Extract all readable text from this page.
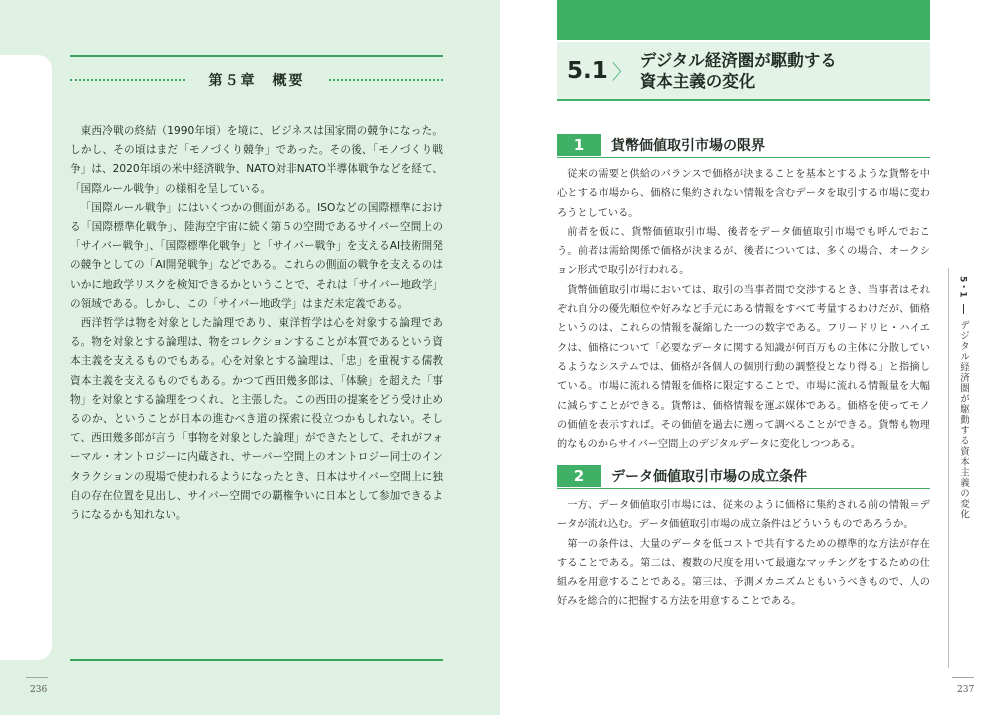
第５章　概要

東西冷戦の終結（1990年頃）を境に、ビジネスは国家間の競争になった。しかし、その頃はまだ「モノづくり競争」であった。その後、「モノづくり戦争」は、2020年頃の米中経済戦争、NATO対非NATO半導体戦争などを経て、「国際ルール戦争」の様相を呈している。

「国際ルール戦争」にはいくつかの側面がある。ISOなどの国際標準における「国際標準化戦争」、陸海空宇宙に続く第５の空間であるサイバー空間上の「サイバー戦争」、「国際標準化戦争」と「サイバー戦争」を支えるAI技術開発の競争としての「AI開発戦争」などである。これらの側面の戦争を支えるのはいかに地政学リスクを検知できるかということで、それは「サイバー地政学」の領域である。しかし、この「サイバー地政学」はまだ未定義である。

西洋哲学は物を対象とした論理であり、東洋哲学は心を対象する論理である。物を対象とする論理は、物をコレクションすることが本質であるという資本主義を支えるものでもある。心を対象とする論理は、「忠」を重視する儒教資本主義を支えるものでもある。かつて西田幾多郎は、「体験」を超えた「事物」を対象とする論理をつくれ、と主張した。この西田の提案をどう受け止めるのか、ということが日本の進むべき道の探索に役立つかもしれない。そして、西田幾多郎が言う「事物を対象とした論理」ができたとして、それがフォーマル・オントロジーに内蔵され、サーバー空間上のオントロジー同士のインタラクションの現場で使われるようになったとき、日本はサイバー空間上に独自の存在位置を見出し、サイバー空間での覇権争いに日本として参加できるようになるかも知れない。

236
5.1 〉 デジタル経済圏が駆動する
資本主義の変化
1	貨幣価値取引市場の限界

従来の需要と供給のバランスで価格が決まることを基本とするような貨幣を中心とする市場から、価格に集約されない情報を含むデータを取引する市場に変わろうとしている。

前者を仮に、貨幣価値取引市場、後者をデータ価値取引市場でも呼んでおこう。前者は需給関係で価格が決まるが、後者については、多くの場合、オークション形式で取引が行われる。

貨幣価値取引市場においては、取引の当事者間で交渉するとき、当事者はそれぞれ自分の優先順位や好みなど手元にある情報をすべて考量するわけだが、価格というのは、これらの情報を凝縮した一つの数字である。フリードリヒ・ハイエクは、価格について「必要なデータに関する知識が何百万もの主体に分散しているようなシステムでは、価格が各個人の個別行動の調整役となり得る」と指摘している。市場に流れる情報を価格に限定することで、市場に流れる情報量を大幅に減らすことができる。貨幣は、価格情報を運ぶ媒体である。価格を使ってモノの価値を表示すれば。その価値を過去に遡って調べることができる。貨幣も物理的なものからサイバー空間上のデジタルデータに変化しつつある。

2	データ価値取引市場の成立条件

一方、データ価値取引市場には、従来のように価格に集約される前の情報＝データが流れ込む。データ価値取引市場の成立条件はどういうものであろうか。

第一の条件は、大量のデータを低コストで共有するための標準的な方法が存在することである。第二は、複数の尺度を用いて最適なマッチングをするための仕組みを用意することである。第三は、予測メカニズムともいうべきもので、人の好みを総合的に把握する方法を用意することである。

5・1
デジタル経済圏が駆動する資本主義の変化
237
